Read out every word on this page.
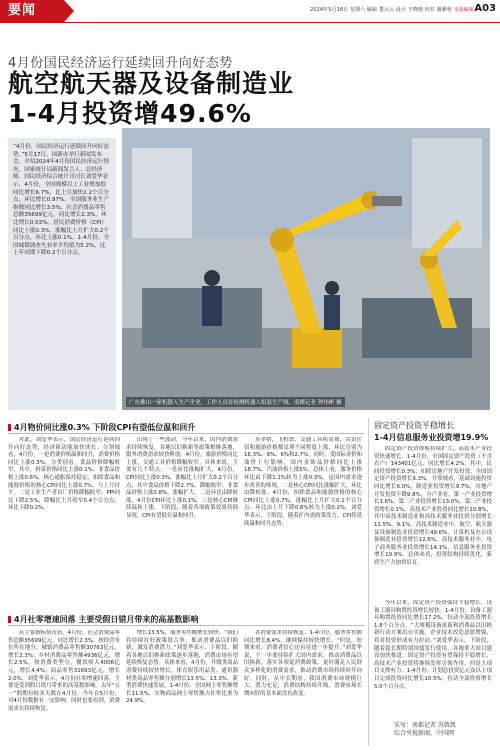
要闻	2024年5月18日 星期六 编辑 董云云 设计 王晓晴 校对 谢灏蓉 本版编辑 A03
4月份国民经济运行延续回升向好态势
航空航天器及设备制造业
1-4月投资增49.6%
“4月份，国民经济运行延续回升向好态势。”5月17日，国新办举行新闻发布会，介绍2024年4月份国民经济运行情况。国家统计局新闻发言人、总经济师、国民经济综合统计司司长刘爱华表示，4月份，全国规模以上工业增加值同比增长6.7%，比上月加快2.2个百分点，环比增长0.97%。全国服务业生产指数同比增长3.5%，社会消费品零售总额35699亿元，同比增长2.3%，环比增长0.03%。居民消费价格（CPI）同比上涨0.3%，涨幅比上月扩大0.2个百分点，环比上涨0.1%。1-4月份，全国城镇调查失业率平均值为5.2%，比上年同期下降0.2个百分点。
广东佛山一家机器人生产企业，工作人员在检测机器人组装生产线。南都记者 钟伟彬 摄
4月物价同比涨0.3% 下阶段CPI有望低位温和回升

对此，刘爱华表示，国民经济运行延续回升向好态势，经济新动能加快成长。分领域看，4月份，一是消费价格温和回升，消费价格同比上涨0.3%。分类别看，食品价格降幅收窄，其中，鲜菜价格同比上涨0.1%；非食品价格上涨0.6%。核心通胀保持稳定，扣除食品和能源价格的核心CPI同比上涨0.7%，与上月持平。二是工业生产者出厂价格降幅收窄，PPI同比下降2.5%，降幅比上月收窄0.4个百分点，环比下降0.2%。

出现了一些波动。今年以来，国内消费需求持续恢复，各地以旧换新等政策相继落地，服务消费需求较快释放。4月份，旅游价格同比上涨，交通工具价格降幅收窄。具体来说，主要有几个特点：一是同比涨幅扩大，4月份，CPI同比上涨0.3%，涨幅比上月扩大0.2个百分点，其中食品价格下降2.7%，降幅收窄；非食品价格上涨0.8%，涨幅扩大。二是环比由降转涨，4月份CPI环比上涨0.1%。三是核心CPI继续温和上涨。下阶段，随着各项政策效果持续显现，CPI有望低位温和回升。

多举措，飞机票、交通工具租赁费、宾馆住宿和旅游价格都出现不同程度上涨，环比分别为16.3%、9%、6%和2.7%。同时，受国际金价和油价上行影响，国内金饰品价格同比上涨18.7%，汽油价格上涨5%。总体上看，服务价格环比由下降1.1%转为上涨0.3%，是国内需求逐步改善的体现。二是核心CPI同比涨幅扩大，环比由降转涨。4月份，扣除食品和能源价格的核心CPI同比上涨0.7%，涨幅比上月扩大0.1个百分点；环比由上月下降0.6%转为上涨0.2%。刘爱华表示，下阶段，随着扩内需政策发力，CPI将延续温和回升态势。

4月社零增速回落 主要受假日错月带来的高基数影响

从主要指标情况看，4月份，社会消费品零售总额35699亿元，同比增长2.3%。按经营单位所在地分，城镇消费品零售额30763亿元，增长2.3%；乡村消费品零售额4936亿元，增长2.5%。按消费类型分，餐饮收入4006亿元，增长4.4%；商品零售31693亿元，增长2.0%。刘爱华表示，4月份社零增速回落，主要是受到假日错月带来的高基数影响。去年“五一”假期有较多天数在4月份，今年在5月份，对4月份数据有一定影响。同时也要看到，消费需求在持续恢复。

增长13.5%，服务零售额增长较快。“我们将持续打好政策组合拳，推动消费品以旧换新，激发消费潜力。”刘爱华表示，下阶段，随着各地以旧换新政策逐步落地，消费市场有望延续恢复态势。具体来看，4月份，升级类商品消费持续较快增长，体育娱乐用品类、通讯器材类商品零售额分别增长13.5%、13.3%。新型消费快速发展，1-4月份，全国网上零售额增长11.5%，实物商品网上零售额占社零比重为24.9%。

各消费需求持续恢复。1-4月份，服务零售额同比增长8.4%，继续保持较快增长。“但是，短期来看，消费者信心还有待进一步提升。”刘爱华说，下一步要持续扩大国内需求，推动消费品以旧换新，落实各项促消费政策，更好满足人民群众多样化的消费需求，推动消费市场持续回升向好。同时，从中长期看，我国消费市场规模巨大、潜力充足，消费结构持续升级，消费市场长期向好的基本面没有改变。

固定资产投资平稳增长
1-4月信息服务业投资增19.9%

固定资产投资规模持续扩大，高技术产业投资快速增长。1-4月份，全国固定资产投资（不含农户）143401亿元，同比增长4.2%，其中，民间投资增长0.3%；扣除房地产开发投资，全国固定资产投资增长9.3%。分领域看，基础设施投资同比增长6.0%，制造业投资增长9.7%，房地产开发投资下降9.8%。分产业看，第一产业投资增长1.6%，第二产业投资增长13.0%，第三产业投资增长0.1%。高技术产业投资同比增长10.8%，其中高技术制造业和高技术服务业投资分别增长11.5%、9.1%。高技术制造业中，航空、航天器及设备制造业投资增长49.6%，计算机及办公设备制造业投资增长12.6%。高技术服务业中，电子商务服务业投资增长14.1%，信息服务业投资增长19.9%。总体来看，投资结构持续优化，新质生产力加快培育。

今年以来，固定资产投资保持平稳增长，设备工器具购置投资增长较快。1-4月份，设备工器具购置投资同比增长17.2%，拉动全部投资增长1.8个百分点。“大规模设备更新和消费品以旧换新行动方案出台实施，企业技术改造意愿增强，将对投资形成有力拉动。”刘爱华表示，下阶段，随着超长期特别国债发行使用，各地重大项目建设加快推进，固定资产投资有望保持平稳增长，高技术产业投资将继续发挥引领作用。四是大项目支撑有力。1-4月份，计划总投资亿元及以上项目完成投资同比增长10.5%，拉动全部投资增长5.0个百分点。

采写：南都记者 苏敦凯
综合央视新闻、中国网
